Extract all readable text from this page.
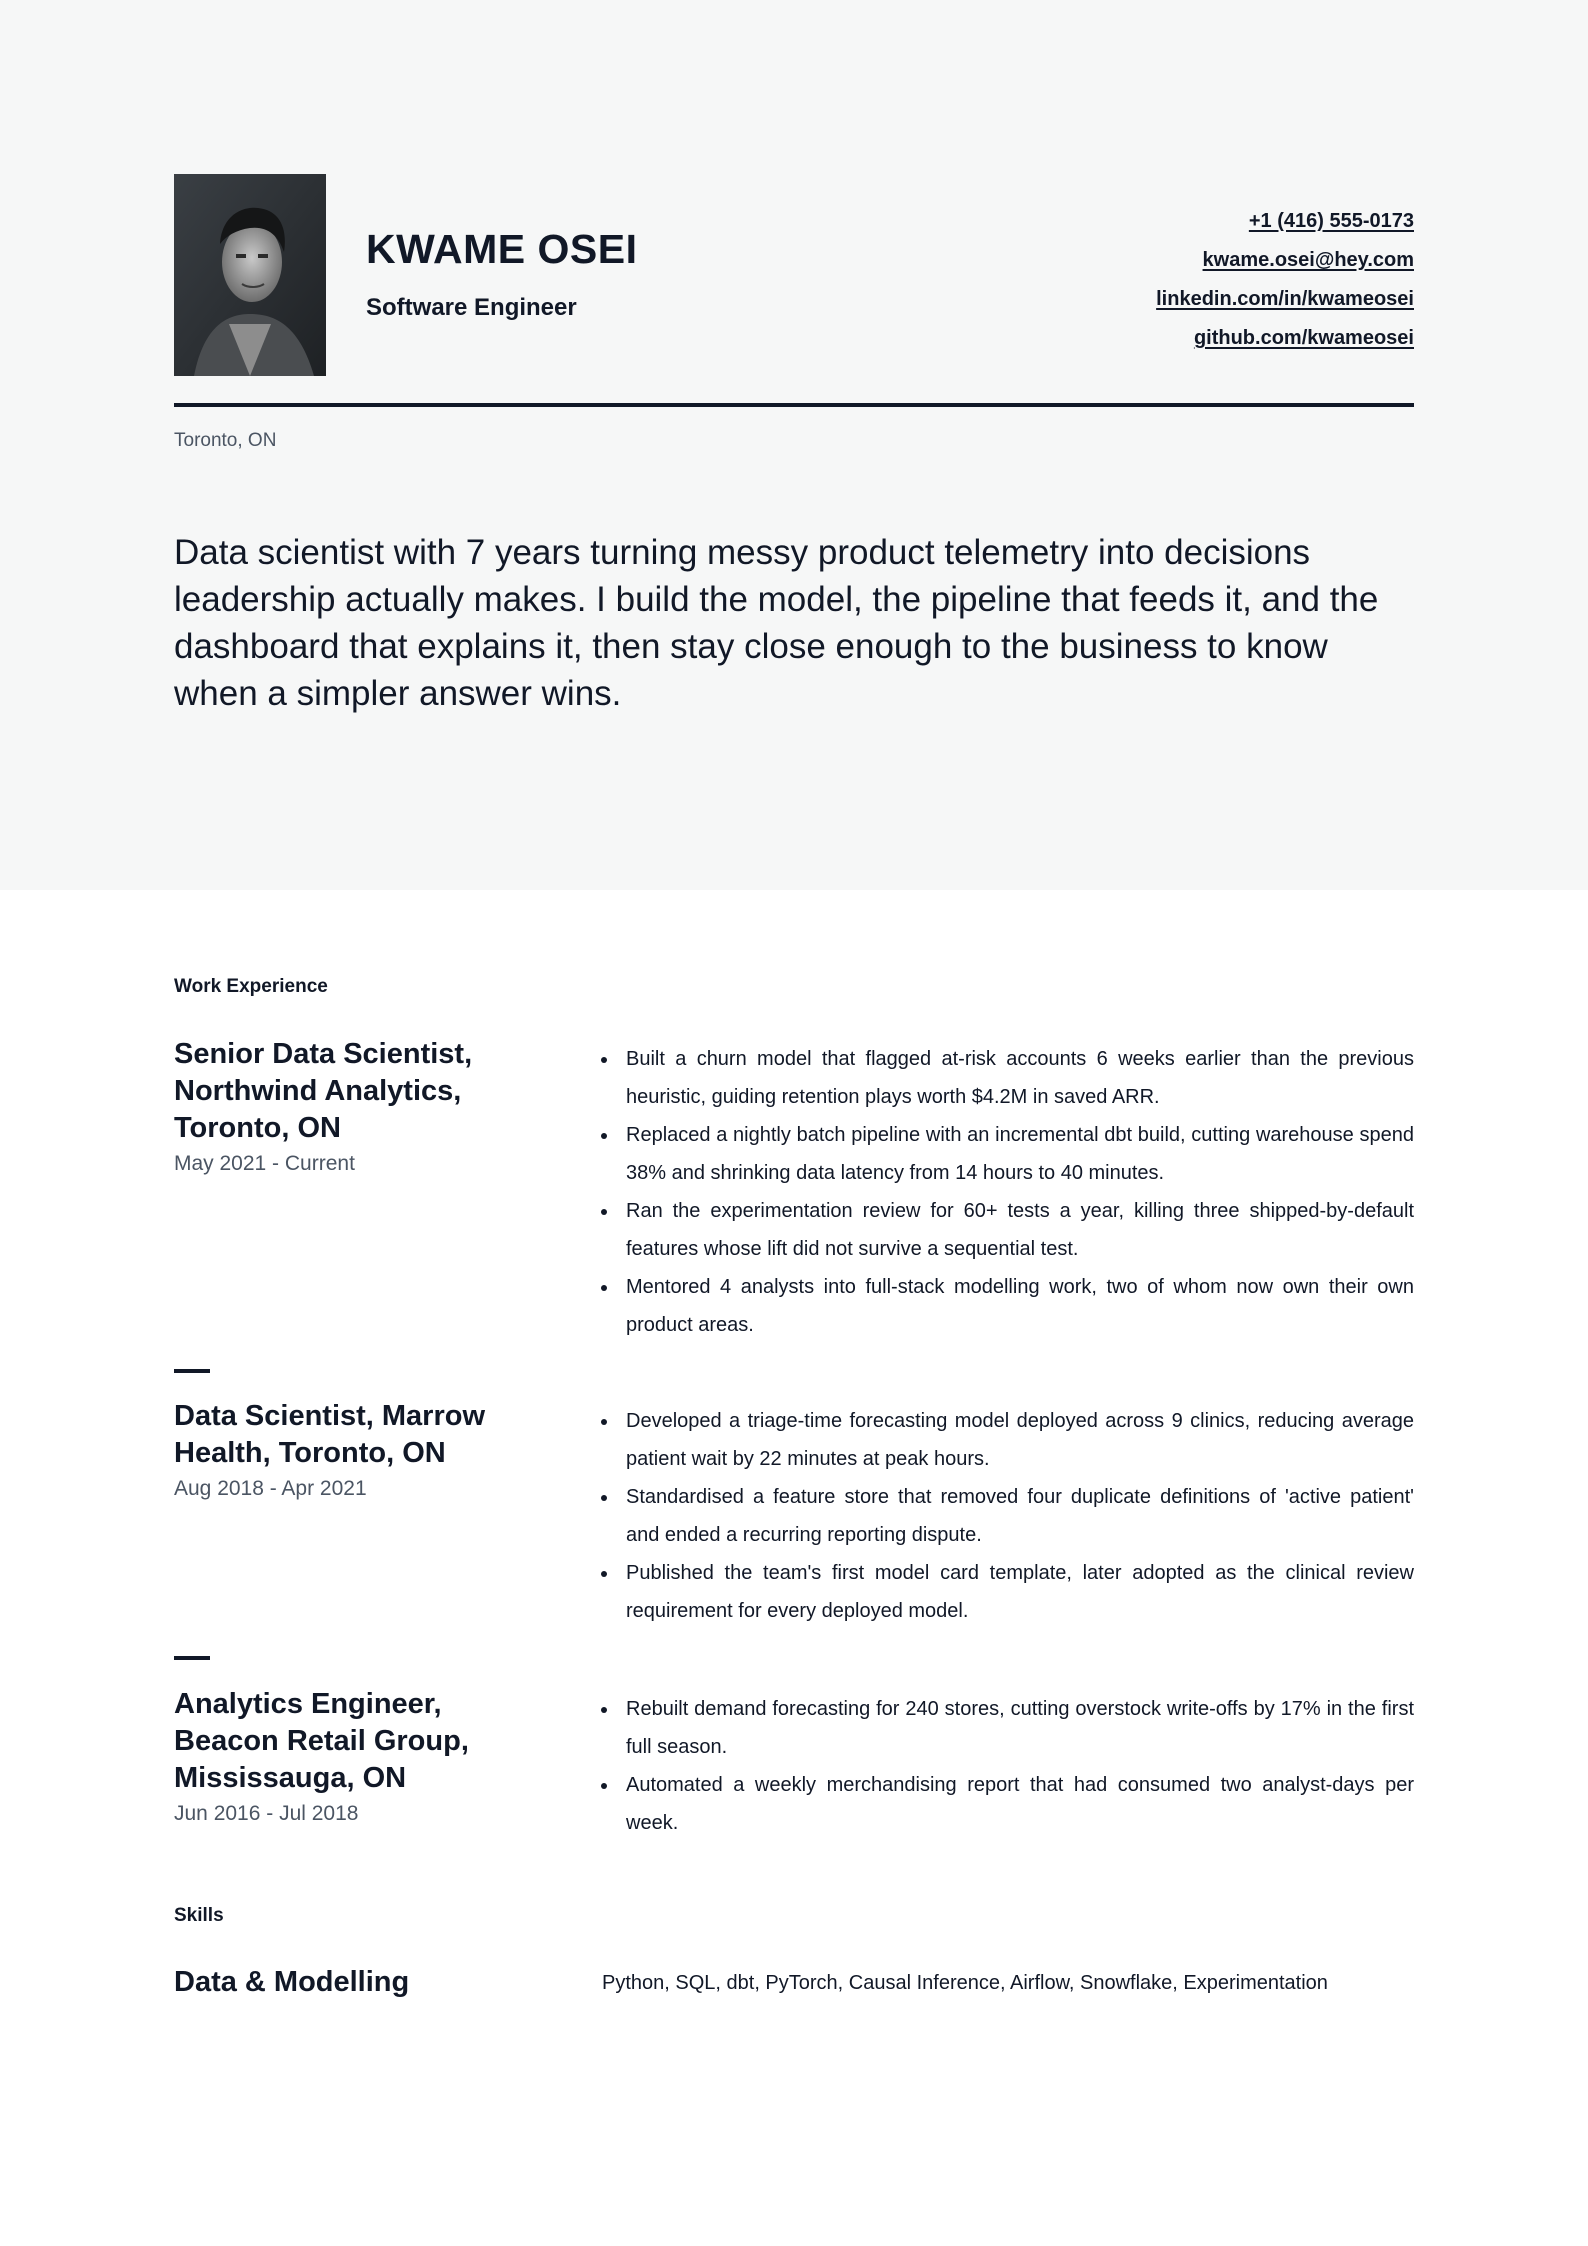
KWAME OSEI
Software Engineer
+1 (416) 555-0173
kwame.osei@hey.com
linkedin.com/in/kwameosei
github.com/kwameosei
Toronto, ON
Data scientist with 7 years turning messy product telemetry into decisions leadership actually makes. I build the model, the pipeline that feeds it, and the dashboard that explains it, then stay close enough to the business to know when a simpler answer wins.
Work Experience
Senior Data Scientist, Northwind Analytics, Toronto, ON
May 2021 - Current
Built a churn model that flagged at-risk accounts 6 weeks earlier than the previous heuristic, guiding retention plays worth $4.2M in saved ARR.
Replaced a nightly batch pipeline with an incremental dbt build, cutting warehouse spend 38% and shrinking data latency from 14 hours to 40 minutes.
Ran the experimentation review for 60+ tests a year, killing three shipped-by-default features whose lift did not survive a sequential test.
Mentored 4 analysts into full-stack modelling work, two of whom now own their own product areas.
Data Scientist, Marrow Health, Toronto, ON
Aug 2018 - Apr 2021
Developed a triage-time forecasting model deployed across 9 clinics, reducing average patient wait by 22 minutes at peak hours.
Standardised a feature store that removed four duplicate definitions of 'active patient' and ended a recurring reporting dispute.
Published the team's first model card template, later adopted as the clinical review requirement for every deployed model.
Analytics Engineer, Beacon Retail Group, Mississauga, ON
Jun 2016 - Jul 2018
Rebuilt demand forecasting for 240 stores, cutting overstock write-offs by 17% in the first full season.
Automated a weekly merchandising report that had consumed two analyst-days per week.
Skills
Data & Modelling	Python, SQL, dbt, PyTorch, Causal Inference, Airflow, Snowflake, Experimentation
